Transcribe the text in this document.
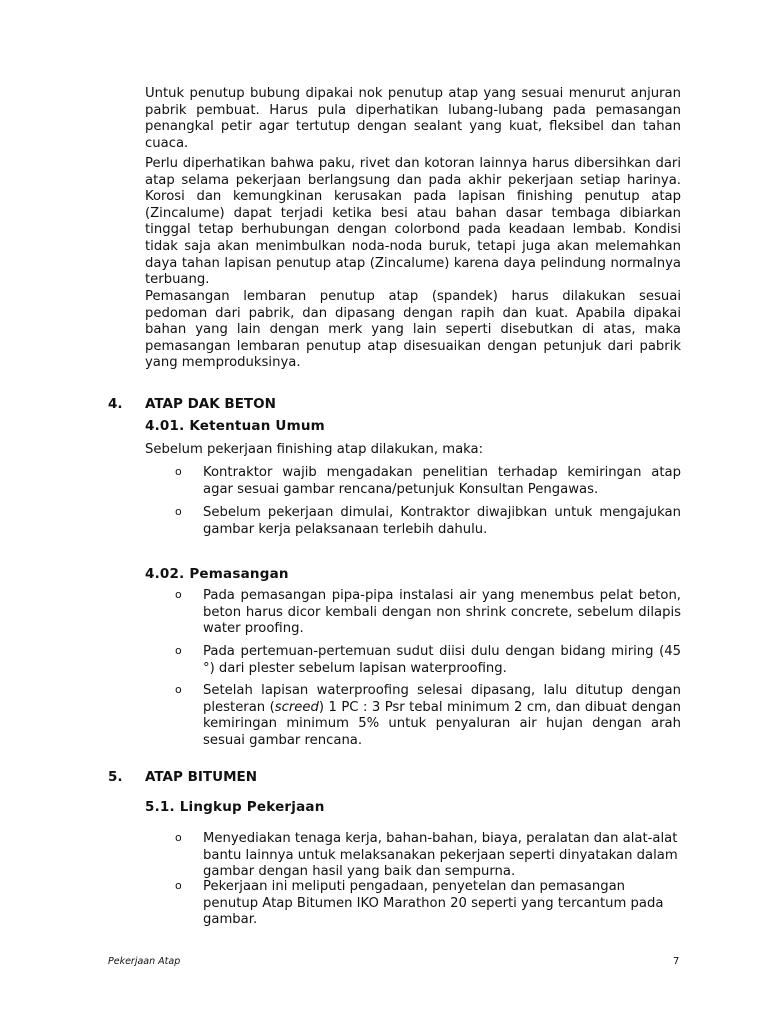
Untuk penutup bubung dipakai nok penutup atap yang sesuai menurut anjuran pabrik pembuat. Harus pula diperhatikan lubang-lubang pada pemasangan penangkal petir agar tertutup dengan sealant yang kuat, fleksibel dan tahan cuaca.

Perlu diperhatikan bahwa paku, rivet dan kotoran lainnya harus dibersihkan dari atap selama pekerjaan berlangsung dan pada akhir pekerjaan setiap harinya. Korosi dan kemungkinan kerusakan pada lapisan finishing penutup atap (Zincalume) dapat terjadi ketika besi atau bahan dasar tembaga dibiarkan tinggal tetap berhubungan dengan colorbond pada keadaan lembab. Kondisi tidak saja akan menimbulkan noda-noda buruk, tetapi juga akan melemahkan daya tahan lapisan penutup atap (Zincalume) karena daya pelindung normalnya terbuang.

Pemasangan lembaran penutup atap (spandek) harus dilakukan sesuai pedoman dari pabrik, dan dipasang dengan rapih dan kuat. Apabila dipakai bahan yang lain dengan merk yang lain seperti disebutkan di atas, maka pemasangan lembaran penutup atap disesuaikan dengan petunjuk dari pabrik yang memproduksinya.

4. ATAP DAK BETON
4.01. Ketentuan Umum

Sebelum pekerjaan finishing atap dilakukan, maka:

o Kontraktor wajib mengadakan penelitian terhadap kemiringan atap agar sesuai gambar rencana/petunjuk Konsultan Pengawas.
o Sebelum pekerjaan dimulai, Kontraktor diwajibkan untuk mengajukan gambar kerja pelaksanaan terlebih dahulu.
4.02. Pemasangan
o Pada pemasangan pipa-pipa instalasi air yang menembus pelat beton, beton harus dicor kembali dengan non shrink concrete, sebelum dilapis water proofing.
o Pada pertemuan-pertemuan sudut diisi dulu dengan bidang miring (45 °) dari plester sebelum lapisan waterproofing.
o Setelah lapisan waterproofing selesai dipasang, lalu ditutup dengan plesteran (screed) 1 PC : 3 Psr tebal minimum 2 cm, dan dibuat dengan kemiringan minimum 5% untuk penyaluran air hujan dengan arah sesuai gambar rencana.
5. ATAP BITUMEN
5.1. Lingkup Pekerjaan
o Menyediakan tenaga kerja, bahan-bahan, biaya, peralatan dan alat-alat bantu lainnya untuk melaksanakan pekerjaan seperti dinyatakan dalam gambar dengan hasil yang baik dan sempurna.
o Pekerjaan ini meliputi pengadaan, penyetelan dan pemasangan penutup Atap Bitumen IKO Marathon 20 seperti yang tercantum pada gambar.
Pekerjaan Atap	7
